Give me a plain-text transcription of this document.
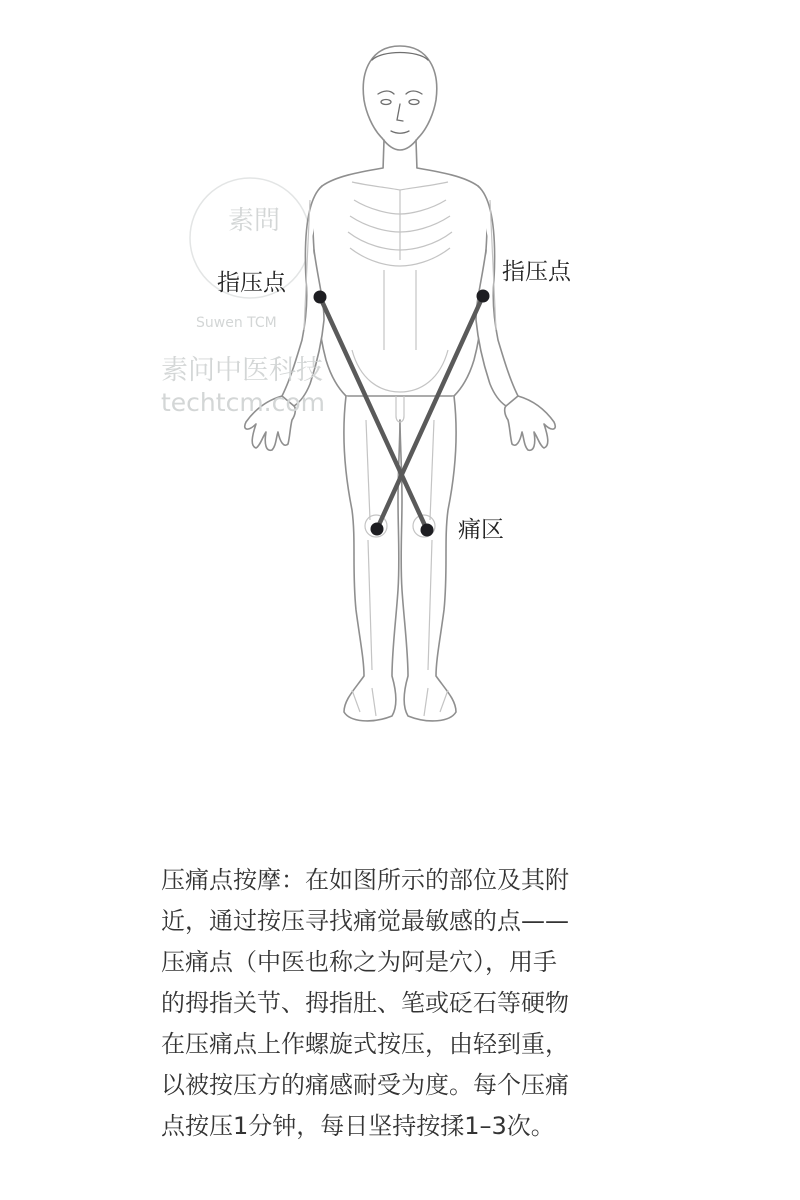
素問
Suwen TCM
素问中医科技
techtcm.com
指压点	指压点
痛区

压痛点按摩：在如图所示的部位及其附
近，通过按压寻找痛觉最敏感的点——
压痛点（中医也称之为阿是穴），用手
的拇指关节、拇指肚、笔或砭石等硬物
在压痛点上作螺旋式按压，由轻到重，
以被按压方的痛感耐受为度。每个压痛
点按压1分钟，每日坚持按揉1–3次。
